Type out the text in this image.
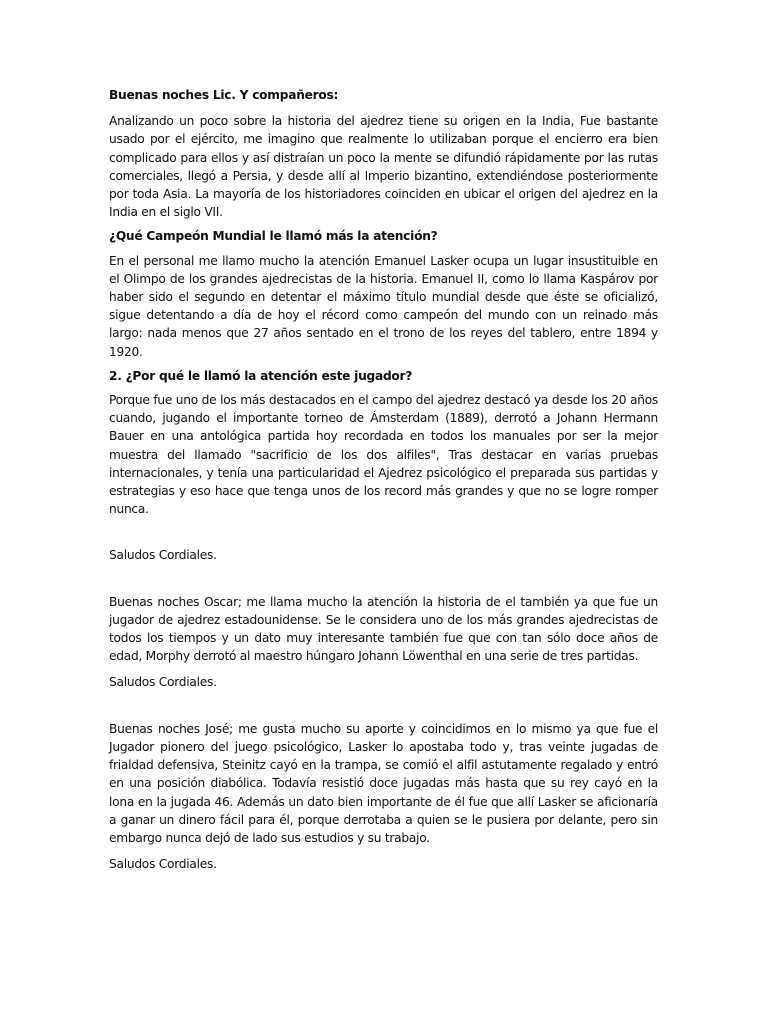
Buenas noches Lic. Y compañeros:

Analizando un poco sobre la historia del ajedrez tiene su origen en la India, Fue bastante usado por el ejército, me imagino que realmente lo utilizaban porque el encierro era bien complicado para ellos y así distraían un poco la mente se difundió rápidamente por las rutas comerciales, llegó a Persia, y desde allí al Imperio bizantino, extendiéndose posteriormente por toda Asia. La mayoría de los historiadores coinciden en ubicar el origen del ajedrez en la India en el siglo VII.

¿Qué Campeón Mundial le llamó más la atención?

En el personal me llamo mucho la atención Emanuel Lasker ocupa un lugar insustituible en el Olimpo de los grandes ajedrecistas de la historia. Emanuel II, como lo llama Kaspárov por haber sido el segundo en detentar el máximo título mundial desde que éste se oficializó, sigue detentando a día de hoy el récord como campeón del mundo con un reinado más largo: nada menos que 27 años sentado en el trono de los reyes del tablero, entre 1894 y 1920.

2. ¿Por qué le llamó la atención este jugador?

Porque fue uno de los más destacados en el campo del ajedrez destacó ya desde los 20 años cuando, jugando el importante torneo de Ámsterdam (1889), derrotó a Johann Hermann Bauer en una antológica partida hoy recordada en todos los manuales por ser la mejor muestra del llamado "sacrificio de los dos alfiles", Tras destacar en varias pruebas internacionales, y tenía una particularidad el Ajedrez psicológico el preparada sus partidas y estrategias y eso hace que tenga unos de los record más grandes y que no se logre romper nunca.

Saludos Cordiales.

Buenas noches Oscar; me llama mucho la atención la historia de el también ya que fue un jugador de ajedrez estadounidense. Se le considera uno de los más grandes ajedrecistas de todos los tiempos y un dato muy interesante también fue que con tan sólo doce años de edad, Morphy derrotó al maestro húngaro Johann Löwenthal en una serie de tres partidas.

Saludos Cordiales.

Buenas noches José; me gusta mucho su aporte y coincidimos en lo mismo ya que fue el Jugador pionero del juego psicológico, Lasker lo apostaba todo y, tras veinte jugadas de frialdad defensiva, Steinitz cayó en la trampa, se comió el alfil astutamente regalado y entró en una posición diabólica. Todavía resistió doce jugadas más hasta que su rey cayó en la lona en la jugada 46. Además un dato bien importante de él fue que allí Lasker se aficionaría a ganar un dinero fácil para él, porque derrotaba a quien se le pusiera por delante, pero sin embargo nunca dejó de lado sus estudios y su trabajo.

Saludos Cordiales.
